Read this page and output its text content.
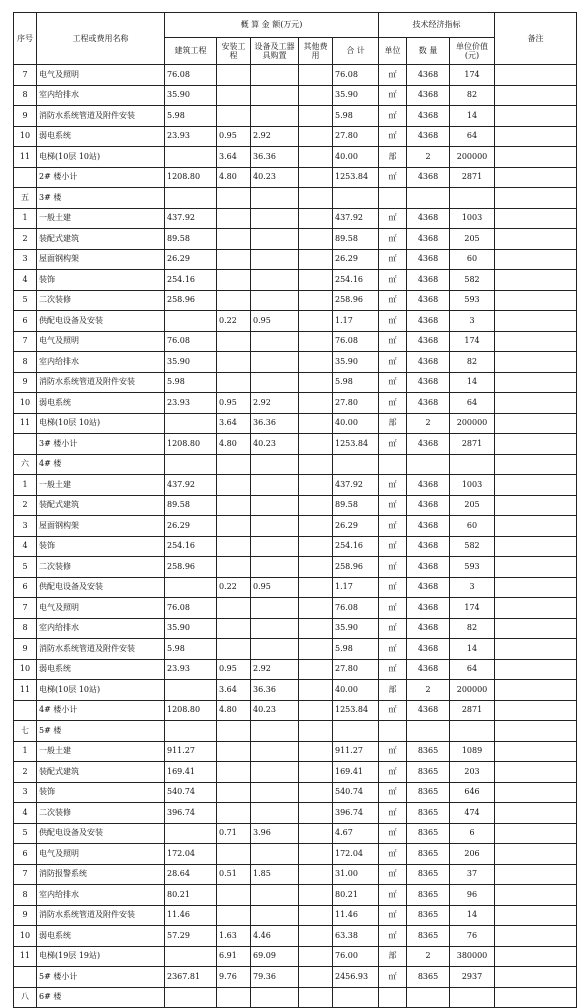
序号	工程或费用名称	概 算 金 额(万元)					技术经济指标			备注
		建筑工程	安装工程	设备及工器具购置	其他费用	合 计	单位	数 量	单位价值(元)	
7	电气及照明	76.08				76.08	㎡	4368	174	
8	室内给排水	35.90				35.90	㎡	4368	82	
9	消防水系统管道及附件安装	5.98				5.98	㎡	4368	14	
10	弱电系统	23.93	0.95	2.92		27.80	㎡	4368	64	
11	电梯(10层 10站)		3.64	36.36		40.00	部	2	200000	
	2# 楼小计	1208.80	4.80	40.23		1253.84	㎡	4368	2871	
五	3# 楼									
1	一般土建	437.92				437.92	㎡	4368	1003	
2	装配式建筑	89.58				89.58	㎡	4368	205	
3	屋面钢构架	26.29				26.29	㎡	4368	60	
4	装饰	254.16				254.16	㎡	4368	582	
5	二次装修	258.96				258.96	㎡	4368	593	
6	供配电设备及安装		0.22	0.95		1.17	㎡	4368	3	
7	电气及照明	76.08				76.08	㎡	4368	174	
8	室内给排水	35.90				35.90	㎡	4368	82	
9	消防水系统管道及附件安装	5.98				5.98	㎡	4368	14	
10	弱电系统	23.93	0.95	2.92		27.80	㎡	4368	64	
11	电梯(10层 10站)		3.64	36.36		40.00	部	2	200000	
	3# 楼小计	1208.80	4.80	40.23		1253.84	㎡	4368	2871	
六	4# 楼									
1	一般土建	437.92				437.92	㎡	4368	1003	
2	装配式建筑	89.58				89.58	㎡	4368	205	
3	屋面钢构架	26.29				26.29	㎡	4368	60	
4	装饰	254.16				254.16	㎡	4368	582	
5	二次装修	258.96				258.96	㎡	4368	593	
6	供配电设备及安装		0.22	0.95		1.17	㎡	4368	3	
7	电气及照明	76.08				76.08	㎡	4368	174	
8	室内给排水	35.90				35.90	㎡	4368	82	
9	消防水系统管道及附件安装	5.98				5.98	㎡	4368	14	
10	弱电系统	23.93	0.95	2.92		27.80	㎡	4368	64	
11	电梯(10层 10站)		3.64	36.36		40.00	部	2	200000	
	4# 楼小计	1208.80	4.80	40.23		1253.84	㎡	4368	2871	
七	5# 楼									
1	一般土建	911.27				911.27	㎡	8365	1089	
2	装配式建筑	169.41				169.41	㎡	8365	203	
3	装饰	540.74				540.74	㎡	8365	646	
4	二次装修	396.74				396.74	㎡	8365	474	
5	供配电设备及安装		0.71	3.96		4.67	㎡	8365	6	
6	电气及照明	172.04				172.04	㎡	8365	206	
7	消防报警系统	28.64	0.51	1.85		31.00	㎡	8365	37	
8	室内给排水	80.21				80.21	㎡	8365	96	
9	消防水系统管道及附件安装	11.46				11.46	㎡	8365	14	
10	弱电系统	57.29	1.63	4.46		63.38	㎡	8365	76	
11	电梯(19层 19站)		6.91	69.09		76.00	部	2	380000	
	5# 楼小计	2367.81	9.76	79.36		2456.93	㎡	8365	2937	
八	6# 楼									
